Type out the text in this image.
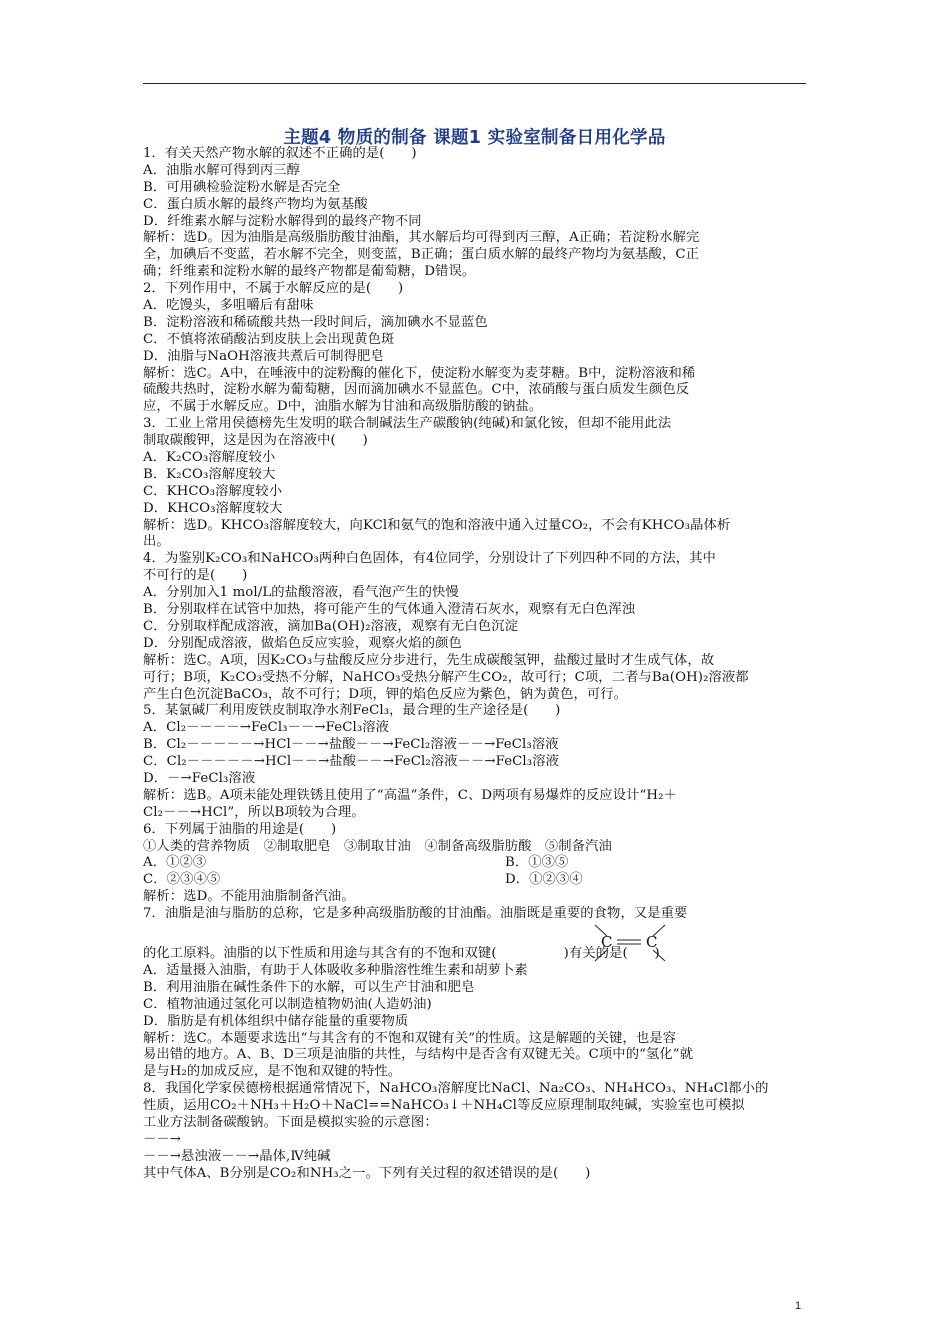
主题4 物质的制备 课题1 实验室制备日用化学品
1．有关天然产物水解的叙述不正确的是(　　)
A．油脂水解可得到丙三醇
B．可用碘检验淀粉水解是否完全
C．蛋白质水解的最终产物均为氨基酸
D．纤维素水解与淀粉水解得到的最终产物不同
解析：选D。因为油脂是高级脂肪酸甘油酯，其水解后均可得到丙三醇，A正确；若淀粉水解完
全，加碘后不变蓝，若水解不完全，则变蓝，B正确；蛋白质水解的最终产物均为氨基酸，C正
确；纤维素和淀粉水解的最终产物都是葡萄糖，D错误。
2．下列作用中，不属于水解反应的是(　　)
A．吃馒头，多咀嚼后有甜味
B．淀粉溶液和稀硫酸共热一段时间后，滴加碘水不显蓝色
C．不慎将浓硝酸沾到皮肤上会出现黄色斑
D．油脂与NaOH溶液共煮后可制得肥皂
解析：选C。A中，在唾液中的淀粉酶的催化下，使淀粉水解变为麦芽糖。B中，淀粉溶液和稀
硫酸共热时，淀粉水解为葡萄糖，因而滴加碘水不显蓝色。C中，浓硝酸与蛋白质发生颜色反
应，不属于水解反应。D中，油脂水解为甘油和高级脂肪酸的钠盐。
3．工业上常用侯德榜先生发明的联合制碱法生产碳酸钠(纯碱)和氯化铵，但却不能用此法
制取碳酸钾，这是因为在溶液中(　　)
A．K₂CO₃溶解度较小
B．K₂CO₃溶解度较大
C．KHCO₃溶解度较小
D．KHCO₃溶解度较大
解析：选D。KHCO₃溶解度较大，向KCl和氨气的饱和溶液中通入过量CO₂，不会有KHCO₃晶体析
出。
4．为鉴别K₂CO₃和NaHCO₃两种白色固体，有4位同学，分别设计了下列四种不同的方法，其中
不可行的是(　　)
A．分别加入1 mol/L的盐酸溶液，看气泡产生的快慢
B．分别取样在试管中加热，将可能产生的气体通入澄清石灰水，观察有无白色浑浊
C．分别取样配成溶液，滴加Ba(OH)₂溶液，观察有无白色沉淀
D．分别配成溶液，做焰色反应实验，观察火焰的颜色
解析：选C。A项，因K₂CO₃与盐酸反应分步进行，先生成碳酸氢钾，盐酸过量时才生成气体，故
可行；B项，K₂CO₃受热不分解，NaHCO₃受热分解产生CO₂，故可行；C项，二者与Ba(OH)₂溶液都
产生白色沉淀BaCO₃，故不可行；D项，钾的焰色反应为紫色，钠为黄色，可行。
5．某氯碱厂利用废铁皮制取净水剂FeCl₃，最合理的生产途径是(　　)
A．Cl₂－－－－→FeCl₃－－→FeCl₃溶液
B．Cl₂－－－－－→HCl－－→盐酸－－→FeCl₂溶液－－→FeCl₃溶液
C．Cl₂－－－－－→HCl－－→盐酸－－→FeCl₂溶液－－→FeCl₃溶液
D．－→FeCl₃溶液
解析：选B。A项未能处理铁锈且使用了“高温”条件，C、D两项有易爆炸的反应设计“H₂＋
Cl₂－－→HCl”，所以B项较为合理。
6．下列属于油脂的用途是(　　)
①人类的营养物质　②制取肥皂　③制取甘油　④制备高级脂肪酸　⑤制备汽油
A．①②③	B．①③⑤
C．②③④⑤	D．①②③④
解析：选D。不能用油脂制备汽油。
7．油脂是油与脂肪的总称，它是多种高级脂肪酸的甘油酯。油脂既是重要的食物，又是重要
C C
的化工原料。油脂的以下性质和用途与其含有的不饱和双键(　　　　　)有关的是(　　)
A．适量摄入油脂，有助于人体吸收多种脂溶性维生素和胡萝卜素
B．利用油脂在碱性条件下的水解，可以生产甘油和肥皂
C．植物油通过氢化可以制造植物奶油(人造奶油)
D．脂肪是有机体组织中储存能量的重要物质
解析：选C。本题要求选出“与其含有的不饱和双键有关”的性质。这是解题的关键，也是容
易出错的地方。A、B、D三项是油脂的共性，与结构中是否含有双键无关。C项中的“氢化”就
是与H₂的加成反应，是不饱和双键的特性。
8．我国化学家侯德榜根据通常情况下，NaHCO₃溶解度比NaCl、Na₂CO₃、NH₄HCO₃、NH₄Cl都小的
性质，运用CO₂＋NH₃＋H₂O＋NaCl==NaHCO₃↓＋NH₄Cl等反应原理制取纯碱，实验室也可模拟
工业方法制备碳酸钠。下面是模拟实验的示意图：
－－→
－－→悬浊液－－→晶体,Ⅳ纯碱
其中气体A、B分别是CO₂和NH₃之一。下列有关过程的叙述错误的是(　　)
1
